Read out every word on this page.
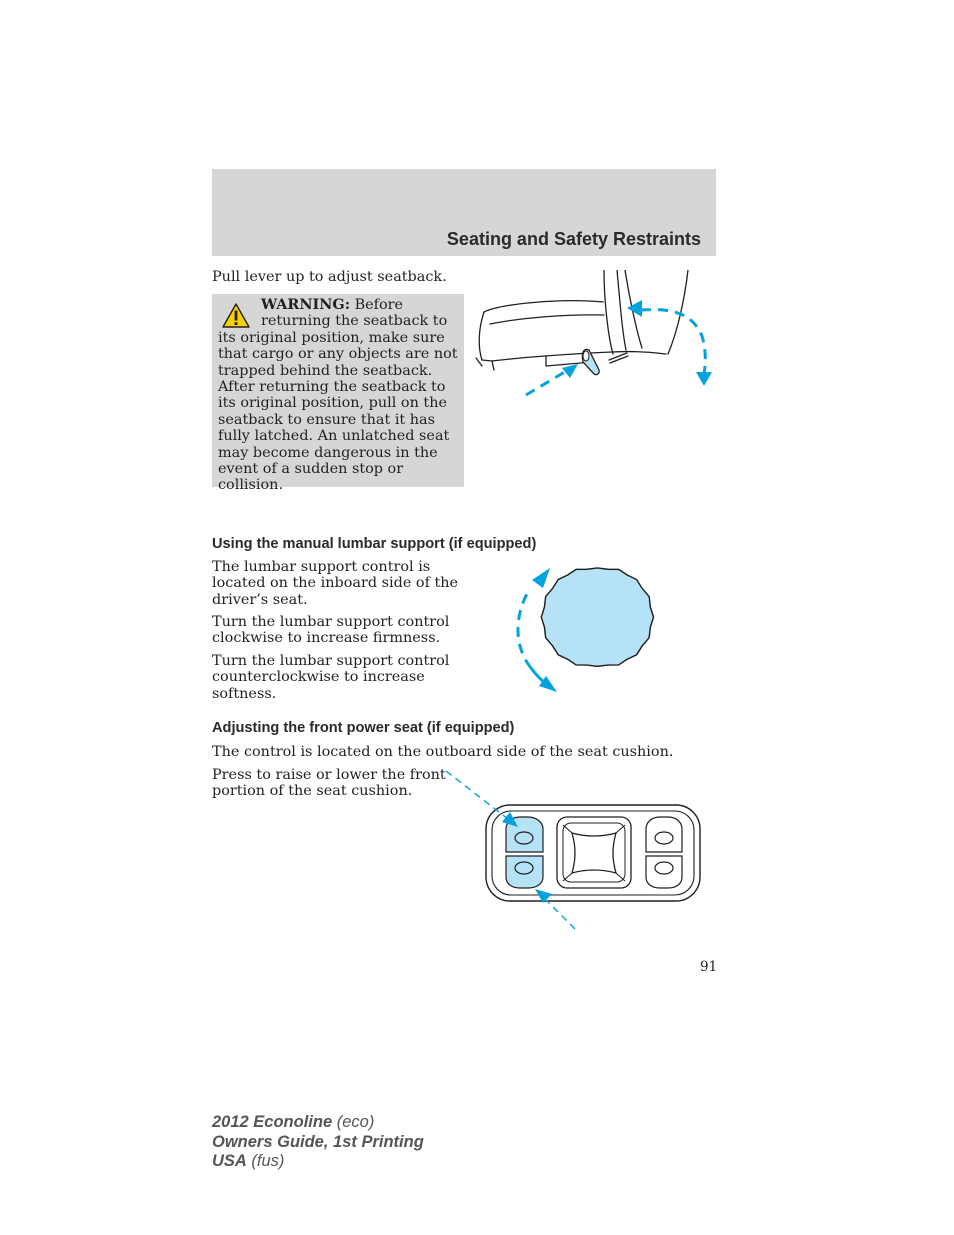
Seating and Safety Restraints

Pull lever up to adjust seatback.

WARNING: Before returning the seatback to its original position, make sure that cargo or any objects are not trapped behind the seatback. After returning the seatback to its original position, pull on the seatback to ensure that it has fully latched. An unlatched seat may become dangerous in the event of a sudden stop or collision.

Using the manual lumbar support (if equipped)

The lumbar support control is located on the inboard side of the driver’s seat.

Turn the lumbar support control clockwise to increase firmness.

Turn the lumbar support control counterclockwise to increase softness.

Adjusting the front power seat (if equipped)

The control is located on the outboard side of the seat cushion.

Press to raise or lower the front portion of the seat cushion.

91
2012 Econoline (eco)
Owners Guide, 1st Printing
USA (fus)
